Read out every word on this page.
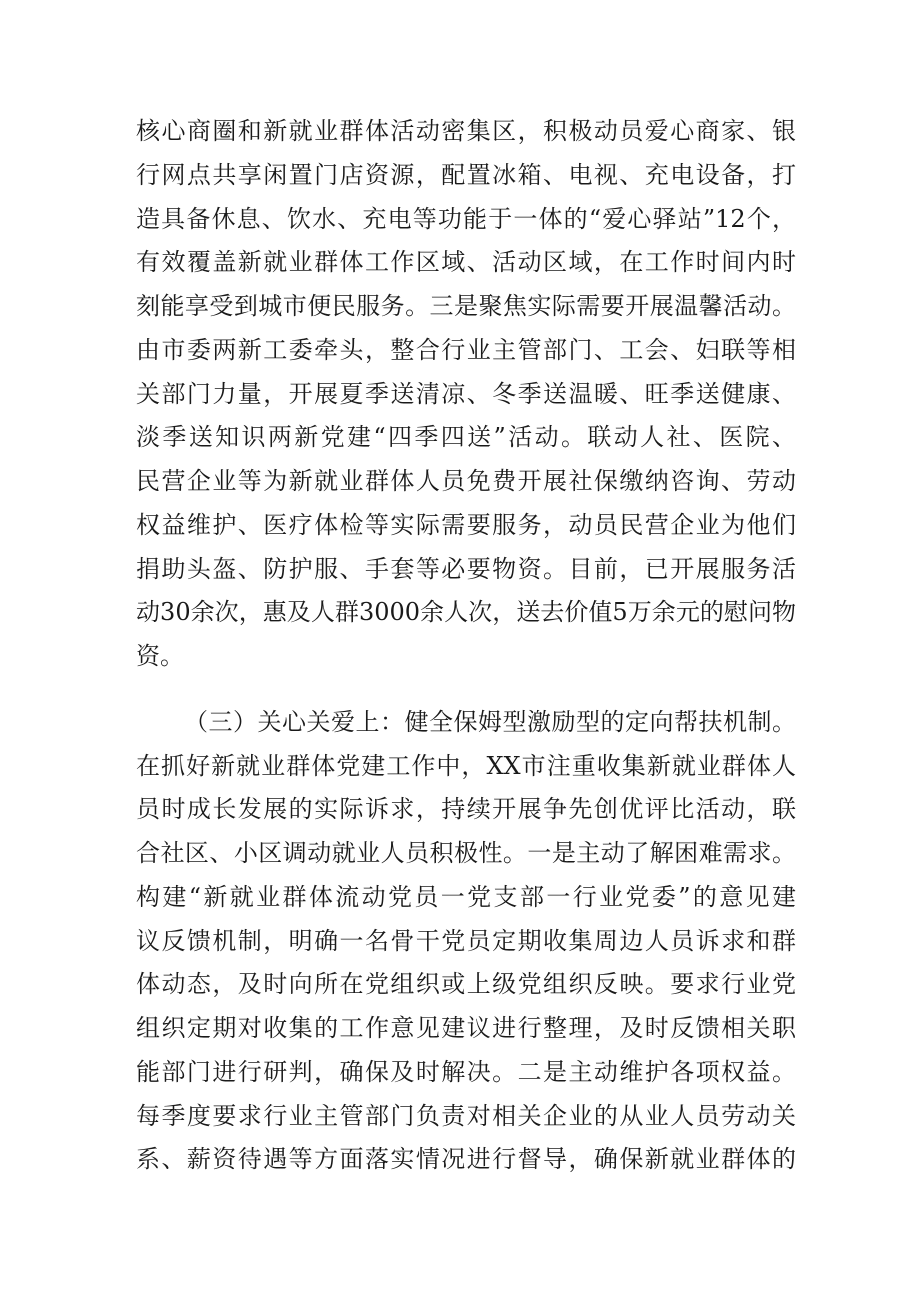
核心商圈和新就业群体活动密集区，积极动员爱心商家、银
行网点共享闲置门店资源，配置冰箱、电视、充电设备，打
造具备休息、饮水、充电等功能于一体的“爱心驿站”12个，
有效覆盖新就业群体工作区域、活动区域，在工作时间内时
刻能享受到城市便民服务。三是聚焦实际需要开展温馨活动。
由市委两新工委牵头，整合行业主管部门、工会、妇联等相
关部门力量，开展夏季送清凉、冬季送温暖、旺季送健康、
淡季送知识两新党建“四季四送”活动。联动人社、医院、
民营企业等为新就业群体人员免费开展社保缴纳咨询、劳动
权益维护、医疗体检等实际需要服务，动员民营企业为他们
捐助头盔、防护服、手套等必要物资。目前，已开展服务活
动30余次，惠及人群3000余人次，送去价值5万余元的慰问物
资。
（三）关心关爱上：健全保姆型激励型的定向帮扶机制。
在抓好新就业群体党建工作中，XX市注重收集新就业群体人
员时成长发展的实际诉求，持续开展争先创优评比活动，联
合社区、小区调动就业人员积极性。一是主动了解困难需求。
构建“新就业群体流动党员一党支部一行业党委”的意见建
议反馈机制，明确一名骨干党员定期收集周边人员诉求和群
体动态，及时向所在党组织或上级党组织反映。要求行业党
组织定期对收集的工作意见建议进行整理，及时反馈相关职
能部门进行研判，确保及时解决。二是主动维护各项权益。
每季度要求行业主管部门负责对相关企业的从业人员劳动关
系、薪资待遇等方面落实情况进行督导，确保新就业群体的
